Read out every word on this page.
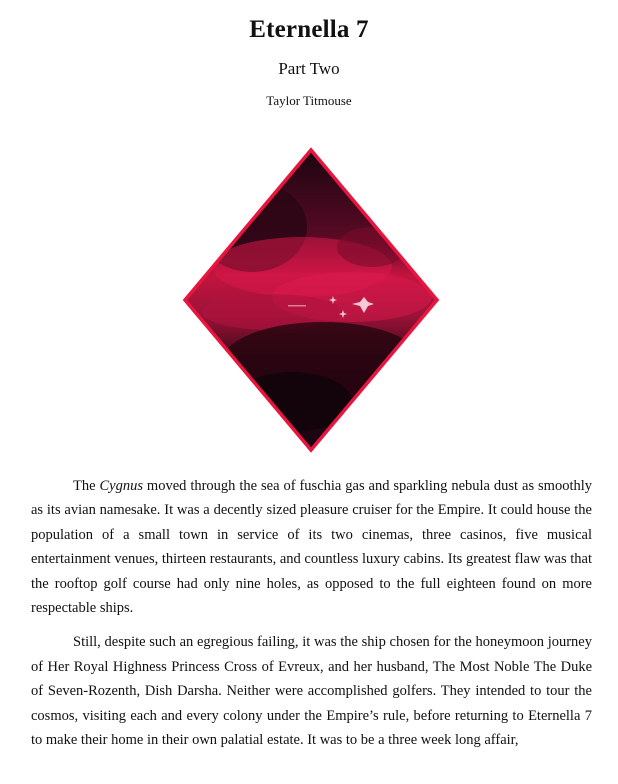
Eternella 7
Part Two
Taylor Titmouse

The Cygnus moved through the sea of fuschia gas and sparkling nebula dust as smoothly as its avian namesake. It was a decently sized pleasure cruiser for the Empire. It could house the population of a small town in service of its two cinemas, three casinos, five musical entertainment venues, thirteen restaurants, and countless luxury cabins. Its greatest flaw was that the rooftop golf course had only nine holes, as opposed to the full eighteen found on more respectable ships.

Still, despite such an egregious failing, it was the ship chosen for the honeymoon journey of Her Royal Highness Princess Cross of Evreux, and her husband, The Most Noble The Duke of Seven-Rozenth, Dish Darsha. Neither were accomplished golfers. They intended to tour the cosmos, visiting each and every colony under the Empire’s rule, before returning to Eternella 7 to make their home in their own palatial estate. It was to be a three week long affair,
